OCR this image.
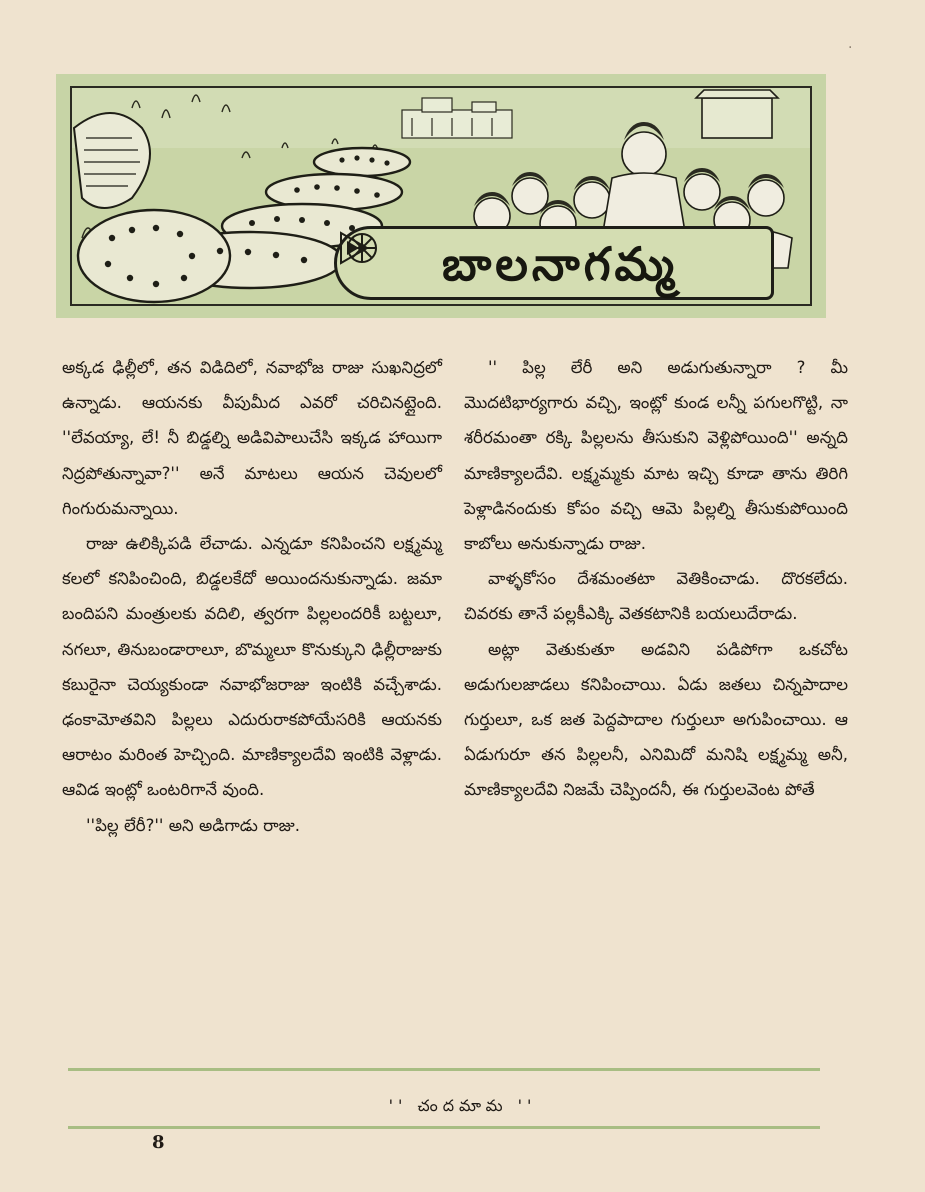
·
బాలనాగమ్మ

అక్కడ ఢిల్లీలో, తన విడిదిలో, నవాభోజ రాజు సుఖనిద్రలో ఉన్నాడు. ఆయనకు వీపుమీద ఎవరో చరిచినట్లైంది. ''లేవయ్యా, లే! నీ బిడ్డల్ని అడివిపాలుచేసి ఇక్కడ హాయిగా నిద్రపోతున్నావా?'' అనే మాటలు ఆయన చెవులలో గింగురుమన్నాయి.

రాజు ఉలిక్కిపడి లేచాడు. ఎన్నడూ కనిపించని లక్ష్మమ్మ కలలో కనిపించింది, బిడ్డలకేదో అయిందనుకున్నాడు. జమా బందిపని మంత్రులకు వదిలి, త్వరగా పిల్లలందరికీ బట్టలూ, నగలూ, తినుబండారాలూ, బొమ్మలూ కొనుక్కుని ఢిల్లీరాజుకు కబురైనా చెయ్యకుండా నవాభోజరాజు ఇంటికి వచ్చేశాడు. ఢంకామోతవిని పిల్లలు ఎదురురాకపోయేసరికి ఆయనకు ఆరాటం మరింత హెచ్చింది. మాణిక్యాలదేవి ఇంటికి వెళ్లాడు. ఆవిడ ఇంట్లో ఒంటరిగానే వుంది.

''పిల్ల లేరీ?'' అని అడిగాడు రాజు.

'' పిల్ల లేరీ అని అడుగుతున్నారా ? మీ మొదటిభార్యగారు వచ్చి, ఇంట్లో కుండ లన్నీ పగులగొట్టి, నా శరీరమంతా రక్కి పిల్లలను తీసుకుని వెళ్లిపోయింది'' అన్నది మాణిక్యాలదేవి. లక్ష్మమ్మకు మాట ఇచ్చి కూడా తాను తిరిగి పెళ్లాడినందుకు కోపం వచ్చి ఆమె పిల్లల్ని తీసుకుపోయింది కాబోలు అనుకున్నాడు రాజు.

వాళ్ళకోసం దేశమంతటా వెతికించాడు. దొరకలేదు. చివరకు తానే పల్లకీఎక్కి వెతకటానికి బయలుదేరాడు.

అట్లా వెతుకుతూ అడవిని పడిపోగా ఒకచోట అడుగులజాడలు కనిపించాయి. ఏడు జతలు చిన్నపాదాల గుర్తులూ, ఒక జత పెద్దపాదాల గుర్తులూ అగుపించాయి. ఆ ఏడుగురూ తన పిల్లలనీ, ఎనిమిదో మనిషి లక్ష్మమ్మ అనీ, మాణిక్యాలదేవి నిజమే చెప్పిందనీ, ఈ గుర్తులవెంట పోతే

'' చందమామ ''
8
